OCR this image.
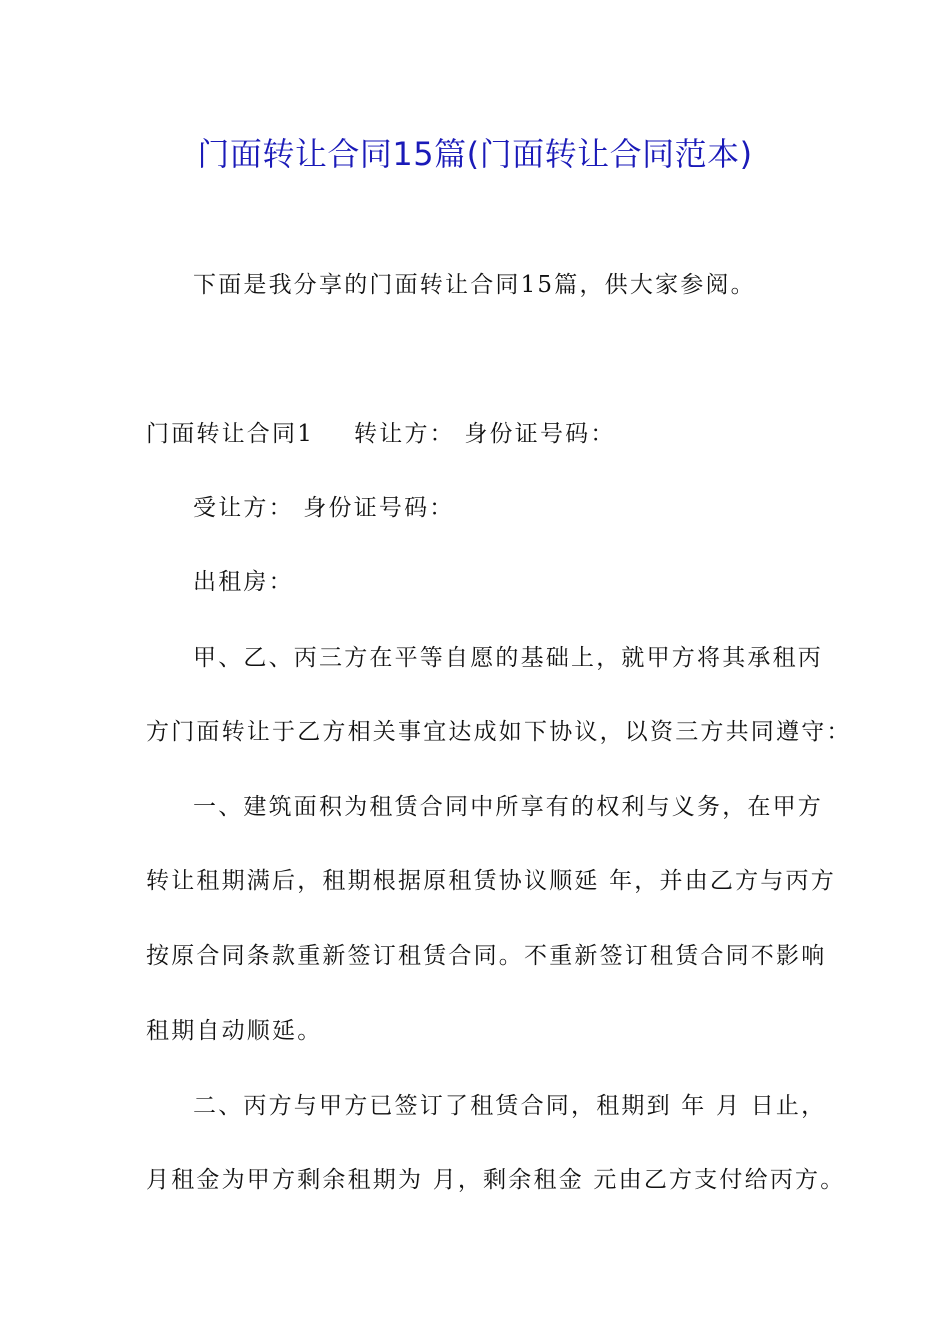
门面转让合同15篇(门面转让合同范本)
下面是我分享的门面转让合同15篇，供大家参阅。
门面转让合同1 转让方： 身份证号码：
受让方： 身份证号码：
出租房：
甲、乙、丙三方在平等自愿的基础上，就甲方将其承租丙
方门面转让于乙方相关事宜达成如下协议，以资三方共同遵守：
一、建筑面积为租赁合同中所享有的权利与义务，在甲方
转让租期满后，租期根据原租赁协议顺延 年，并由乙方与丙方
按原合同条款重新签订租赁合同。不重新签订租赁合同不影响
租期自动顺延。
二、丙方与甲方已签订了租赁合同，租期到 年 月 日止，
月租金为甲方剩余租期为 月，剩余租金 元由乙方支付给丙方。
